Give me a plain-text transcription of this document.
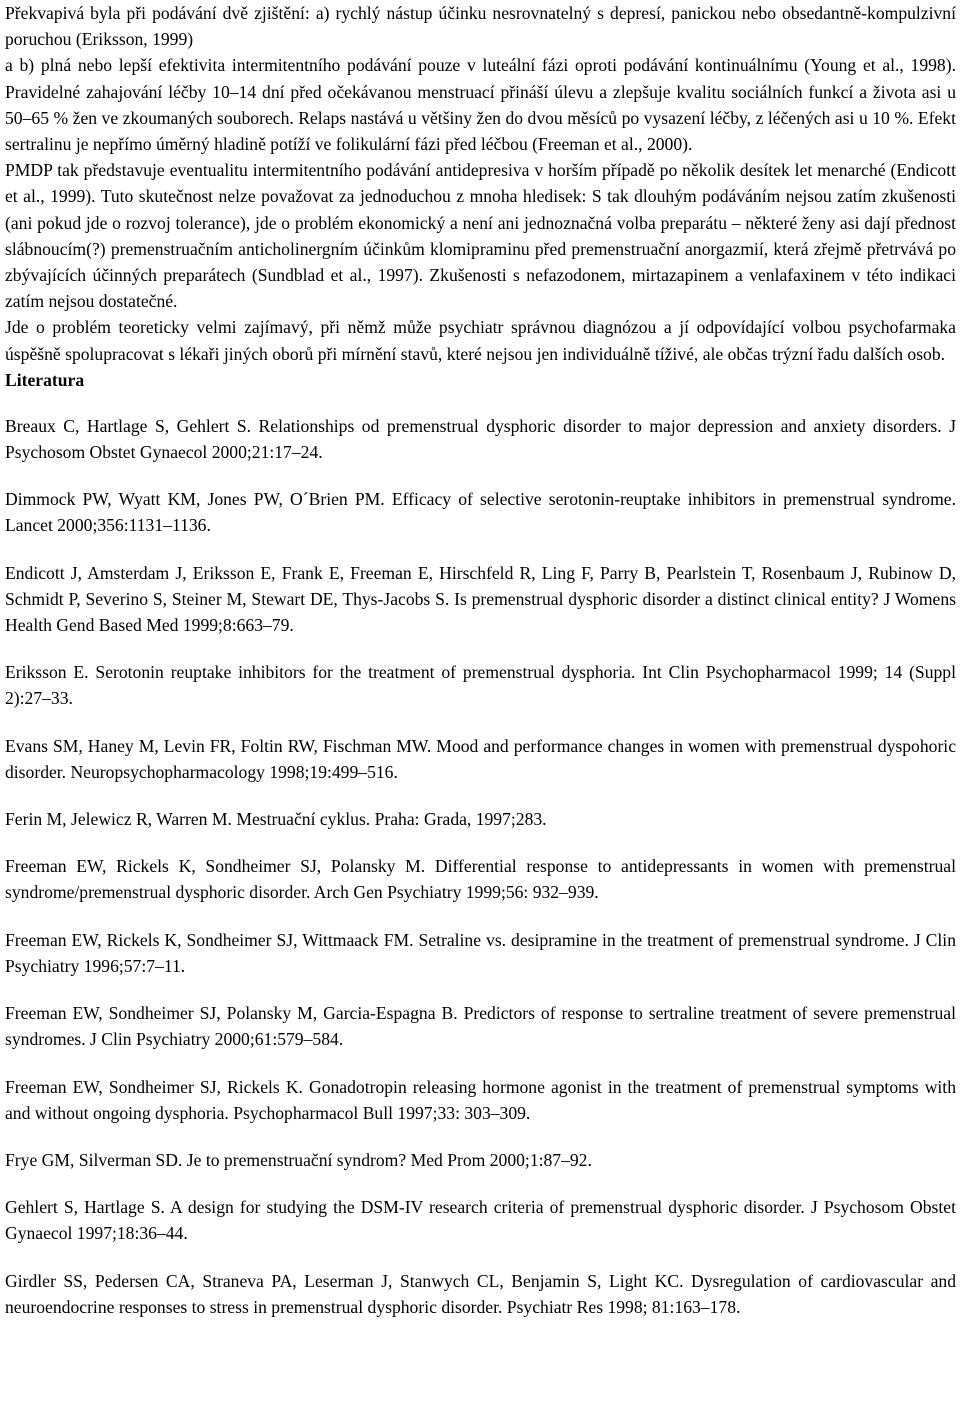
Překvapivá byla při podávání dvě zjištění: a) rychlý nástup účinku nesrovnatelný s depresí, panickou nebo obsedantně-kompulzivní poruchou (Eriksson, 1999)

a b) plná nebo lepší efektivita intermitentního podávání pouze v luteální fázi oproti podávání kontinuálnímu (Young et al., 1998). Pravidelné zahajování léčby 10–14 dní před očekávanou menstruací přináší úlevu a zlepšuje kvalitu sociálních funkcí a života asi u 50–65 % žen ve zkoumaných souborech. Relaps nastává u většiny žen do dvou měsíců po vysazení léčby, z léčených asi u 10 %. Efekt sertralinu je nepřímo úměrný hladině potíží ve folikulární fázi před léčbou (Freeman et al., 2000).

PMDP tak představuje eventualitu intermitentního podávání antidepresiva v horším případě po několik desítek let menarché (Endicott et al., 1999). Tuto skutečnost nelze považovat za jednoduchou z mnoha hledisek: S tak dlouhým podáváním nejsou zatím zkušenosti (ani pokud jde o rozvoj tolerance), jde o problém ekonomický a není ani jednoznačná volba preparátu – některé ženy asi dají přednost slábnoucím(?) premenstruačním anticholinergním účinkům klomipraminu před premenstruační anorgazmií, která zřejmě přetrvává po zbývajících účinných preparátech (Sundblad et al., 1997). Zkušenosti s nefazodonem, mirtazapinem a venlafaxinem v této indikaci zatím nejsou dostatečné.

Jde o problém teoreticky velmi zajímavý, při němž může psychiatr správnou diagnózou a jí odpovídající volbou psychofarmaka úspěšně spolupracovat s lékaři jiných oborů při mírnění stavů, které nejsou jen individuálně tíživé, ale občas trýzní řadu dalších osob.

Literatura
Breaux C, Hartlage S, Gehlert S. Relationships od premenstrual dysphoric disorder to major depression and anxiety disorders. J Psychosom Obstet Gynaecol 2000;21:17–24.
Dimmock PW, Wyatt KM, Jones PW, O´Brien PM. Efficacy of selective serotonin-reuptake inhibitors in premenstrual syndrome. Lancet 2000;356:1131–1136.
Endicott J, Amsterdam J, Eriksson E, Frank E, Freeman E, Hirschfeld R, Ling F, Parry B, Pearlstein T, Rosenbaum J, Rubinow D, Schmidt P, Severino S, Steiner M, Stewart DE, Thys-Jacobs S. Is premenstrual dysphoric disorder a distinct clinical entity? J Womens Health Gend Based Med 1999;8:663–79.
Eriksson E. Serotonin reuptake inhibitors for the treatment of premenstrual dysphoria. Int Clin Psychopharmacol 1999; 14 (Suppl 2):27–33.
Evans SM, Haney M, Levin FR, Foltin RW, Fischman MW. Mood and performance changes in women with premenstrual dyspohoric disorder. Neuropsychopharmacology 1998;19:499–516.
Ferin M, Jelewicz R, Warren M. Mestruační cyklus. Praha: Grada, 1997;283.
Freeman EW, Rickels K, Sondheimer SJ, Polansky M. Differential response to antidepressants in women with premenstrual syndrome/premenstrual dysphoric disorder. Arch Gen Psychiatry 1999;56: 932–939.
Freeman EW, Rickels K, Sondheimer SJ, Wittmaack FM. Setraline vs. desipramine in the treatment of premenstrual syndrome. J Clin Psychiatry 1996;57:7–11.
Freeman EW, Sondheimer SJ, Polansky M, Garcia-Espagna B. Predictors of response to sertraline treatment of severe premenstrual syndromes. J Clin Psychiatry 2000;61:579–584.
Freeman EW, Sondheimer SJ, Rickels K. Gonadotropin releasing hormone agonist in the treatment of premenstrual symptoms with and without ongoing dysphoria. Psychopharmacol Bull 1997;33: 303–309.
Frye GM, Silverman SD. Je to premenstruační syndrom? Med Prom 2000;1:87–92.
Gehlert S, Hartlage S. A design for studying the DSM-IV research criteria of premenstrual dysphoric disorder. J Psychosom Obstet Gynaecol 1997;18:36–44.
Girdler SS, Pedersen CA, Straneva PA, Leserman J, Stanwych CL, Benjamin S, Light KC. Dysregulation of cardiovascular and neuroendocrine responses to stress in premenstrual dysphoric disorder. Psychiatr Res 1998; 81:163–178.
